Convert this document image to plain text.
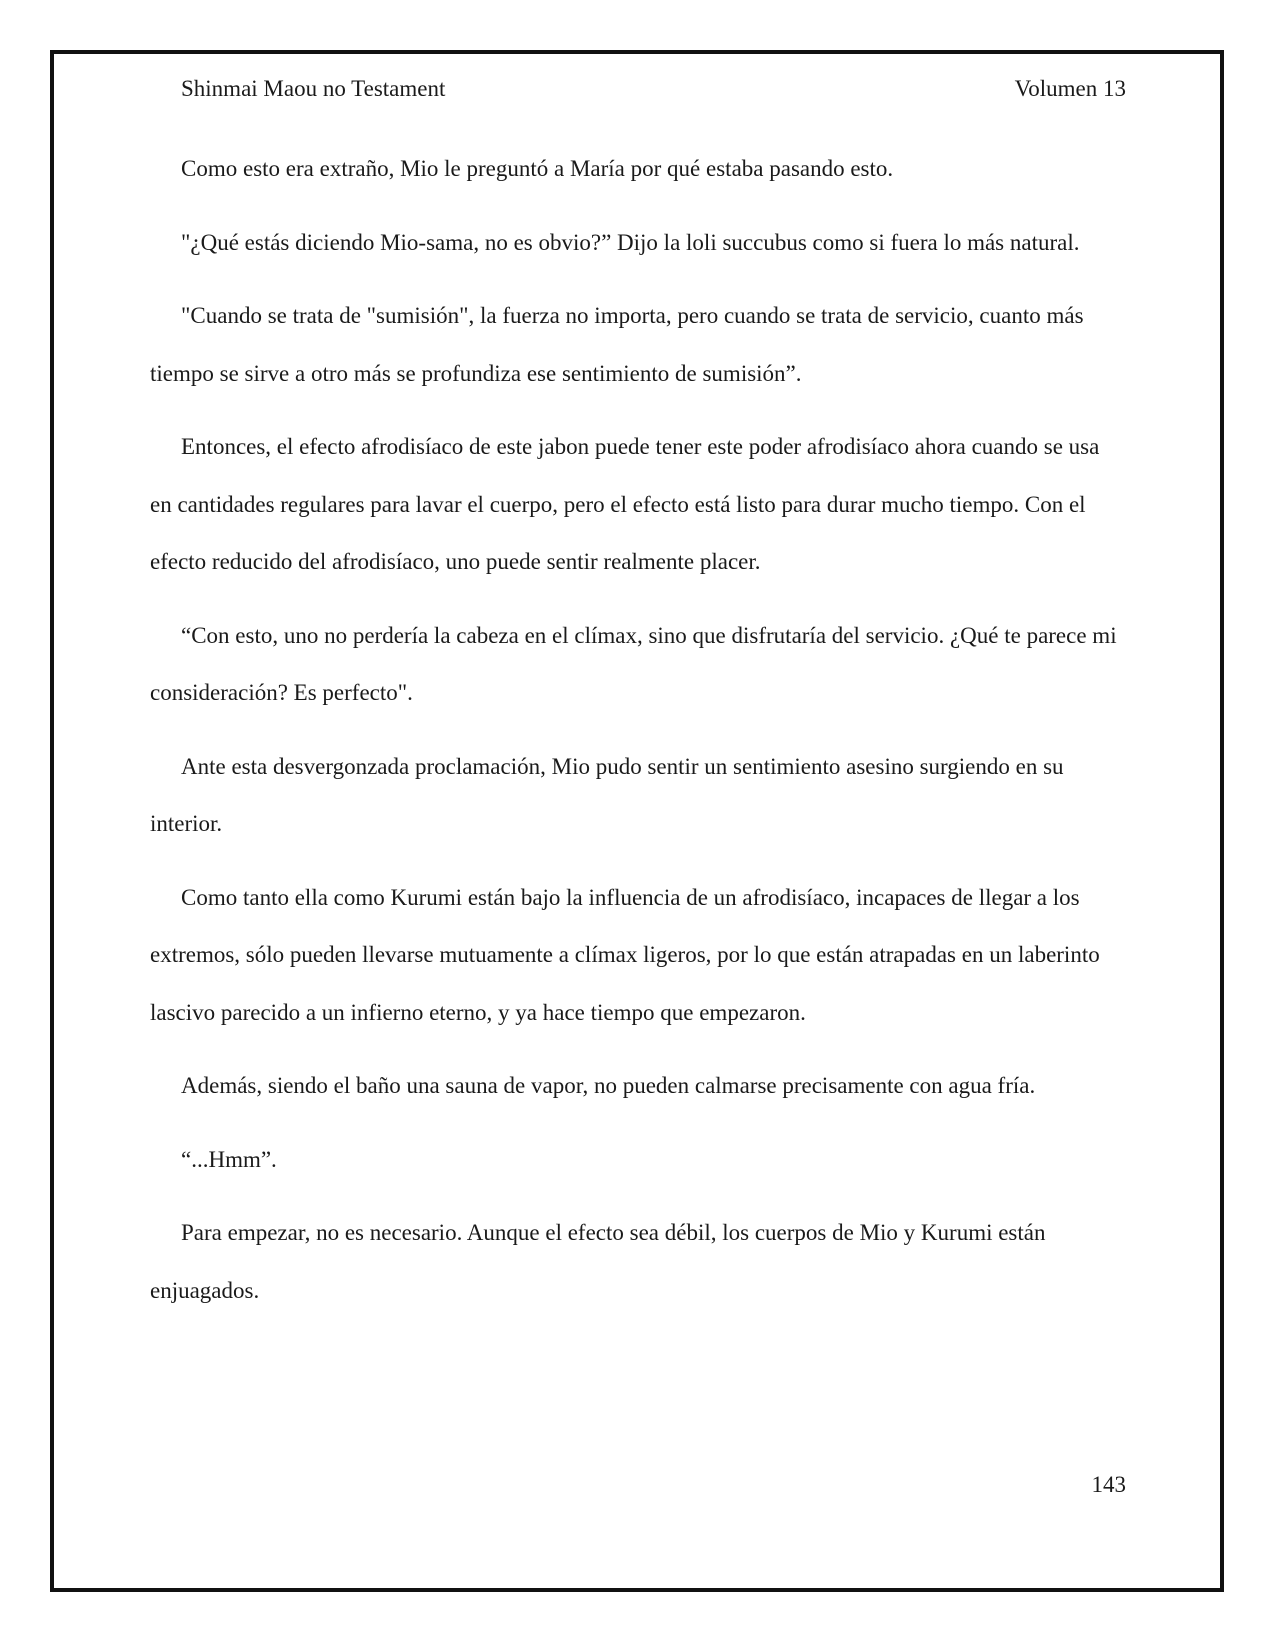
Shinmai Maou no Testament	Volumen 13

Como esto era extraño, Mio le preguntó a María por qué estaba pasando esto.

"¿Qué estás diciendo Mio-sama, no es obvio?” Dijo la loli succubus como si fuera lo más natural.

"Cuando se trata de "sumisión", la fuerza no importa, pero cuando se trata de servicio, cuanto más tiempo se sirve a otro más se profundiza ese sentimiento de sumisión”.

Entonces, el efecto afrodisíaco de este jabon puede tener este poder afrodisíaco ahora cuando se usa en cantidades regulares para lavar el cuerpo, pero el efecto está listo para durar mucho tiempo. Con el efecto reducido del afrodisíaco, uno puede sentir realmente placer.

“Con esto, uno no perdería la cabeza en el clímax, sino que disfrutaría del servicio. ¿Qué te parece mi consideración? Es perfecto".

Ante esta desvergonzada proclamación, Mio pudo sentir un sentimiento asesino surgiendo en su interior.

Como tanto ella como Kurumi están bajo la influencia de un afrodisíaco, incapaces de llegar a los extremos, sólo pueden llevarse mutuamente a clímax ligeros, por lo que están atrapadas en un laberinto lascivo parecido a un infierno eterno, y ya hace tiempo que empezaron.

Además, siendo el baño una sauna de vapor, no pueden calmarse precisamente con agua fría.

“...Hmm”.

Para empezar, no es necesario. Aunque el efecto sea débil, los cuerpos de Mio y Kurumi están enjuagados.

143
